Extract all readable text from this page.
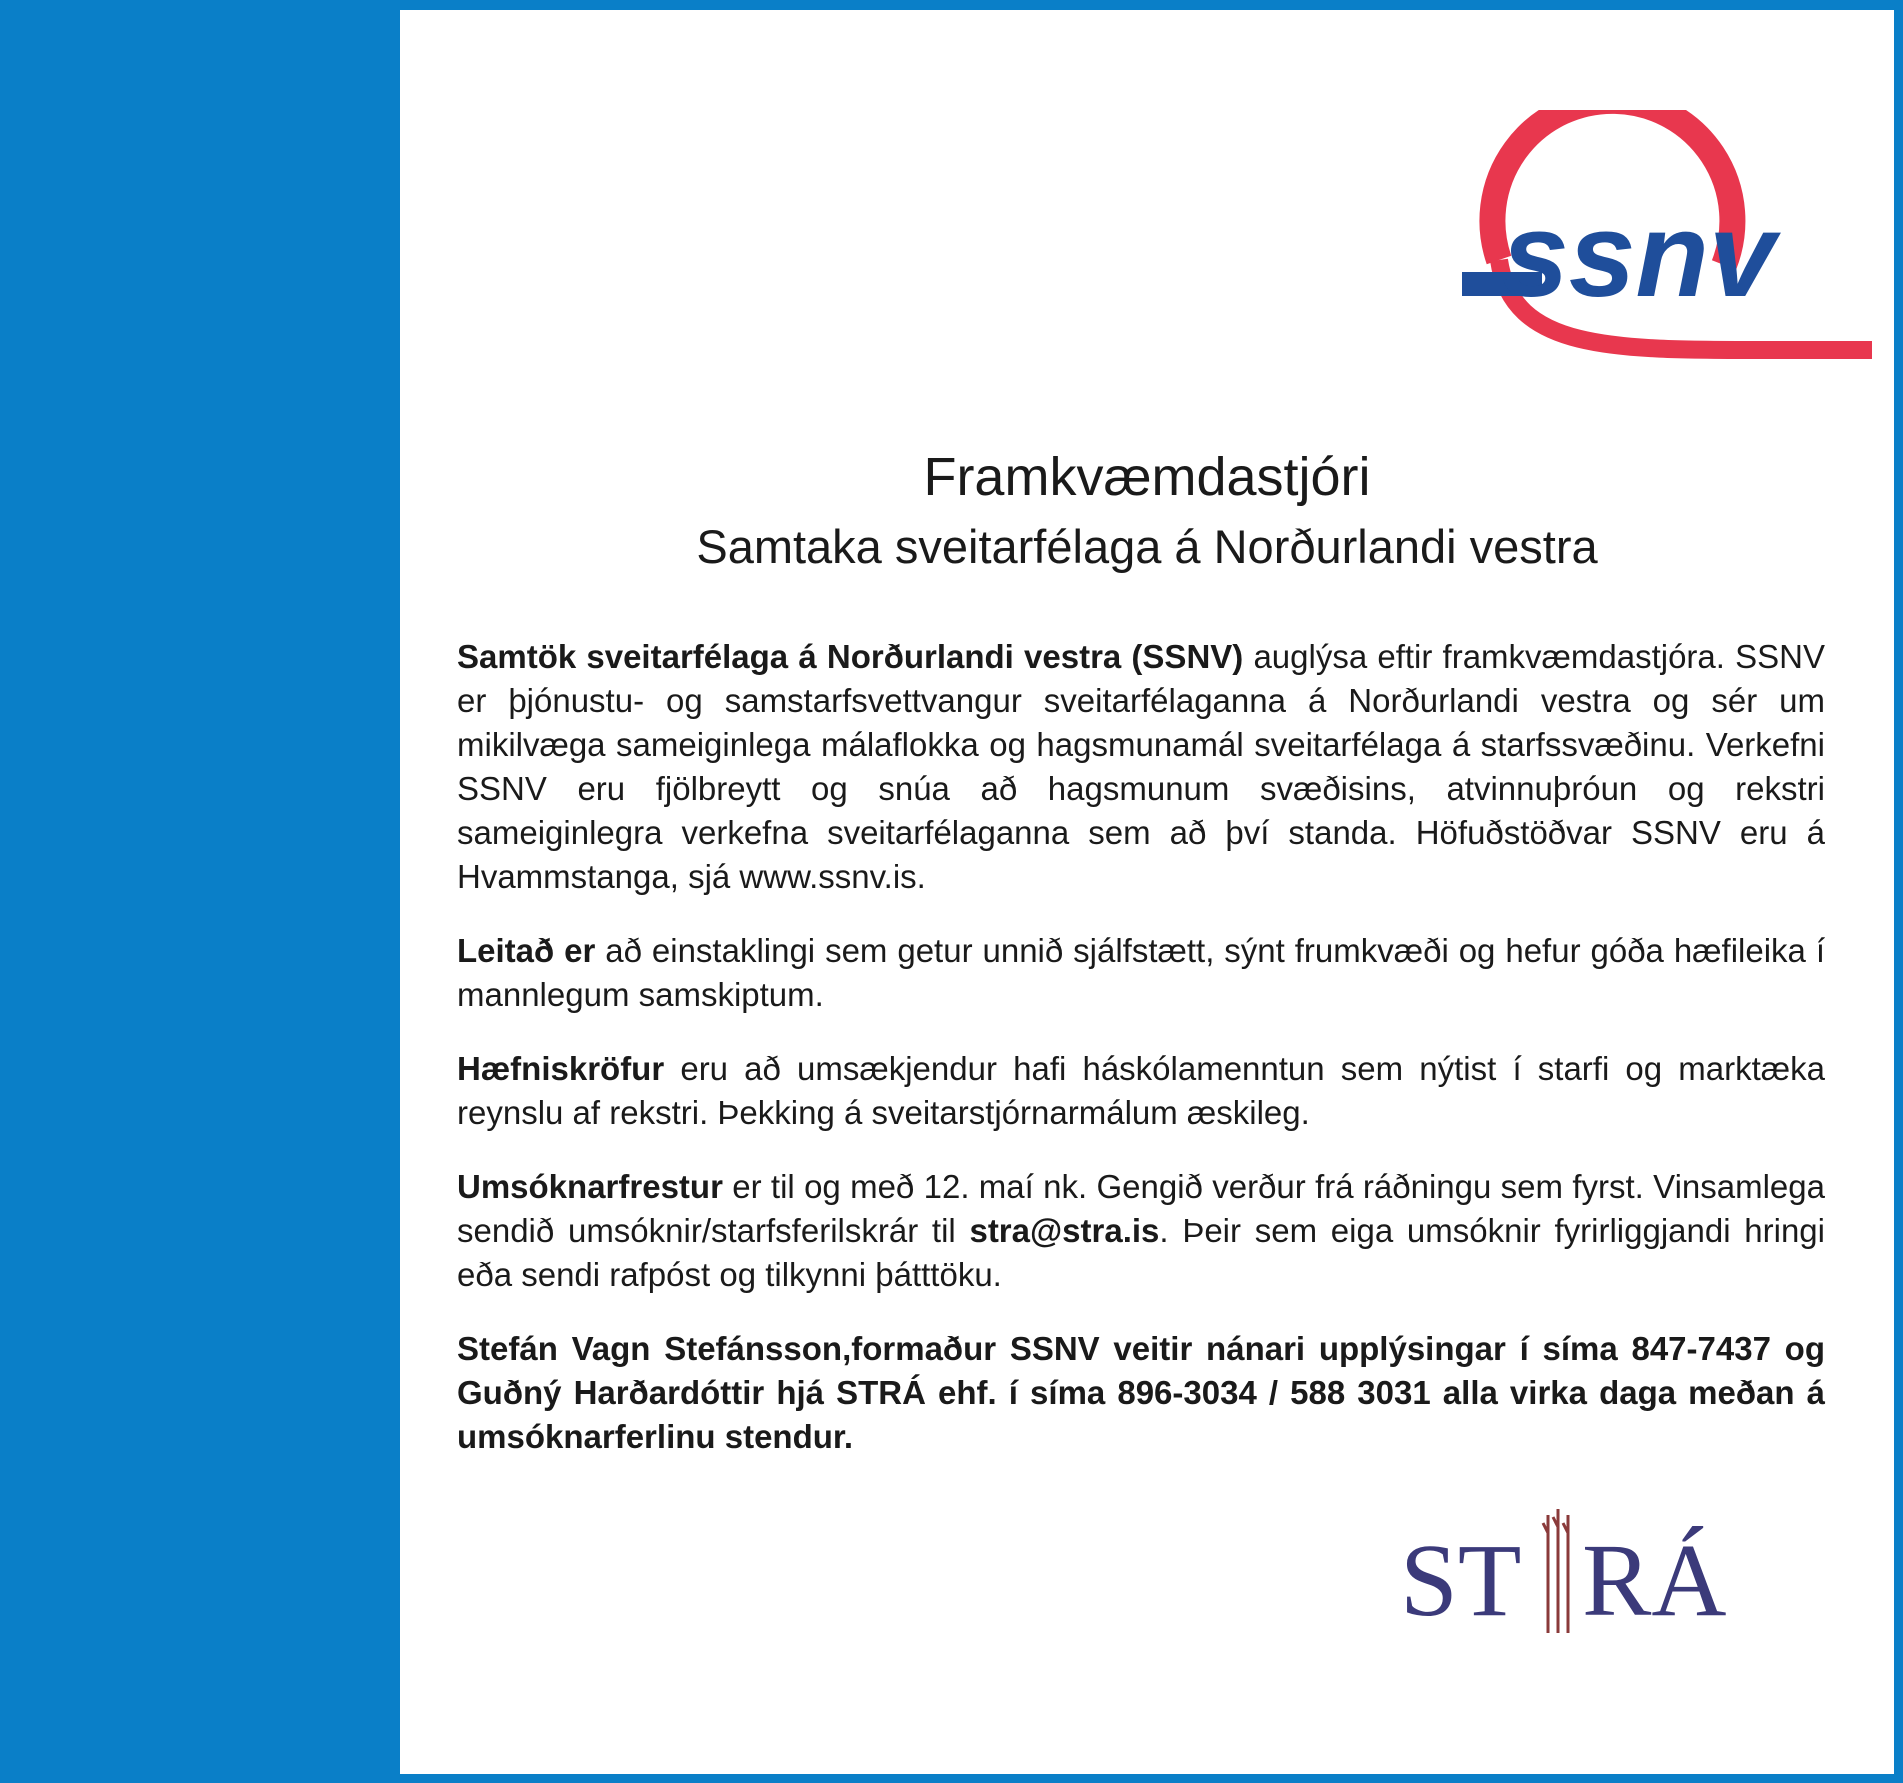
ssnv
Framkvæmdastjóri
Samtaka sveitarfélaga á Norðurlandi vestra

Samtök sveitarfélaga á Norðurlandi vestra (SSNV) auglýsa eftir framkvæmdastjóra. SSNV er þjónustu- og samstarfsvettvangur sveitarfélaganna á Norðurlandi vestra og sér um mikilvæga sameiginlega málaflokka og hagsmunamál sveitarfélaga á starfssvæðinu. Verkefni SSNV eru fjölbreytt og snúa að hagsmunum svæðisins, atvinnuþróun og rekstri sameiginlegra verkefna sveitarfélaganna sem að því standa. Höfuðstöðvar SSNV eru á Hvammstanga, sjá www.ssnv.is.

Leitað er að einstaklingi sem getur unnið sjálfstætt, sýnt frumkvæði og hefur góða hæfileika í mannlegum samskiptum.

Hæfniskröfur eru að umsækjendur hafi háskólamenntun sem nýtist í starfi og marktæka reynslu af rekstri. Þekking á sveitarstjórnarmálum æskileg.

Umsóknarfrestur er til og með 12. maí nk. Gengið verður frá ráðningu sem fyrst. Vinsamlega sendið umsóknir/starfsferilskrár til stra@stra.is. Þeir sem eiga umsóknir fyrirliggjandi hringi eða sendi rafpóst og tilkynni þátttöku.

Stefán Vagn Stefánsson,formaður SSNV veitir nánari upplýsingar í síma 847-7437 og Guðný Harðardóttir hjá STRÁ ehf. í síma 896-3034 / 588 3031 alla virka daga meðan á umsóknarferlinu stendur.

ST RÁ
